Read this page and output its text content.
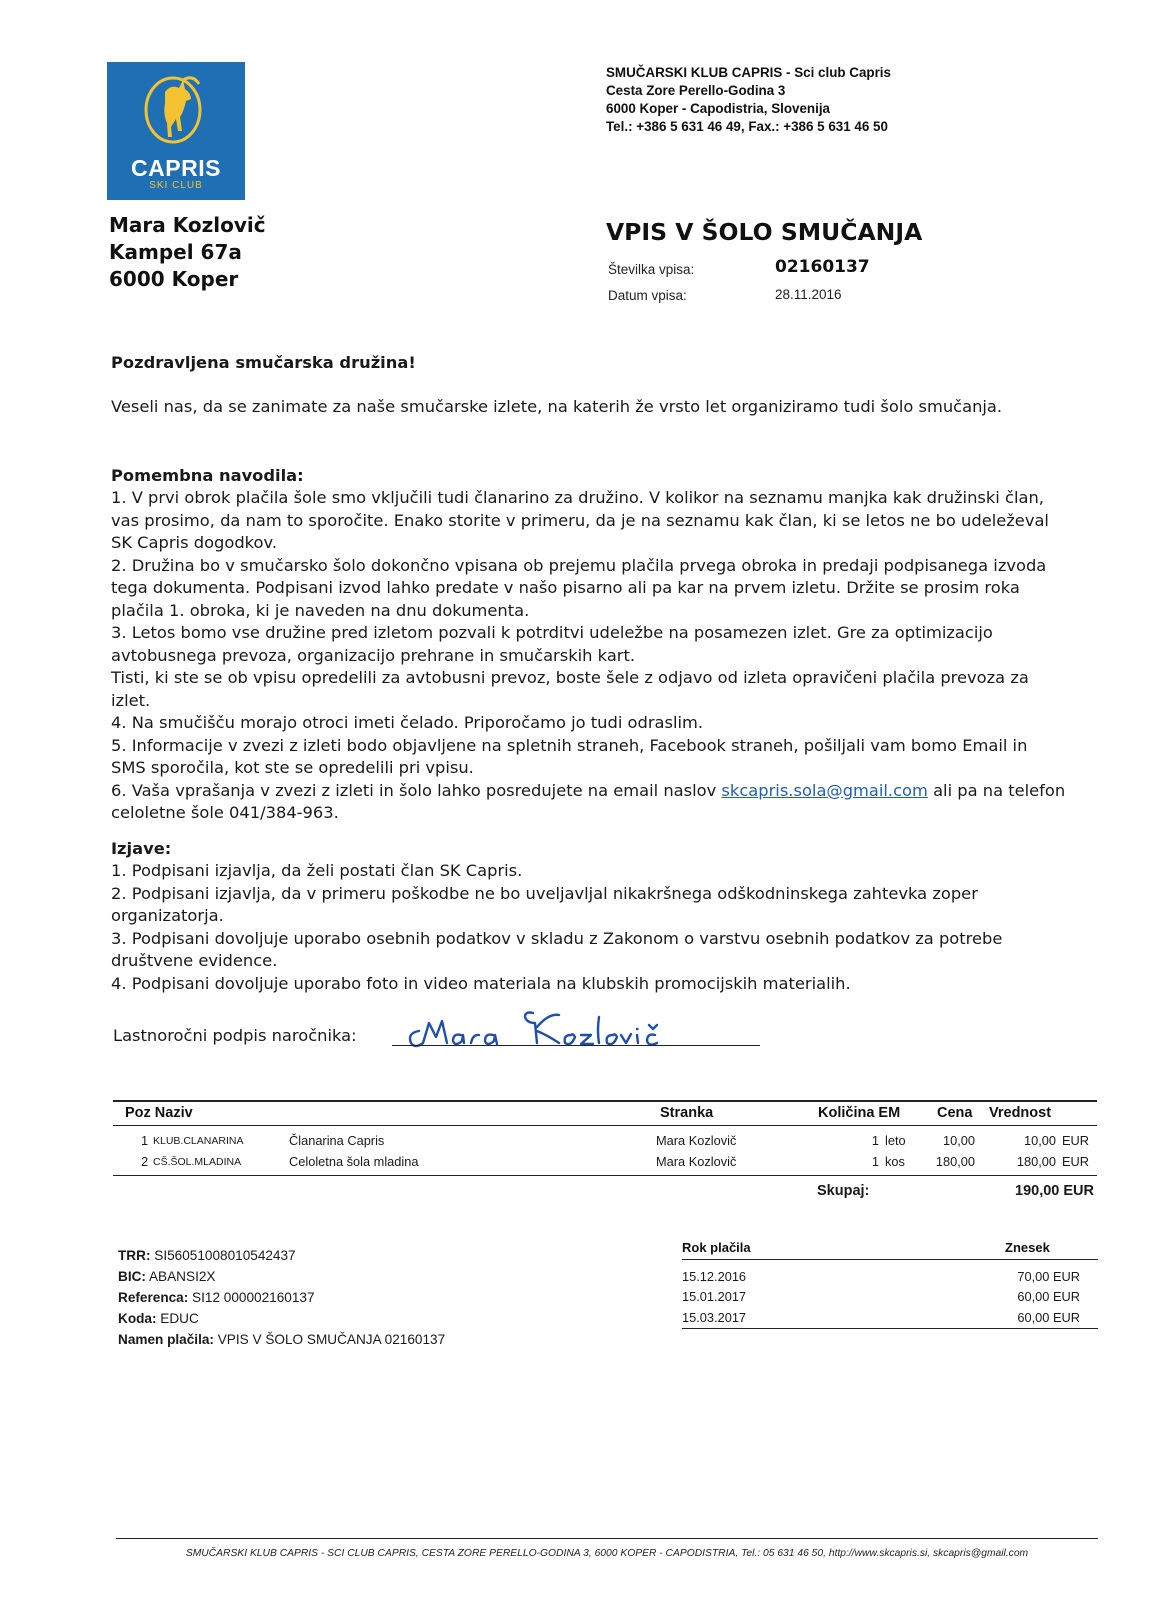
CAPRIS
SKI CLUB
SMUČARSKI KLUB CAPRIS - Sci club Capris
Cesta Zore Perello-Godina 3
6000 Koper - Capodistria, Slovenija
Tel.: +386 5 631 46 49, Fax.: +386 5 631 46 50
Mara Kozlovič
Kampel 67a
6000 Koper
VPIS V ŠOLO SMUČANJA
Številka vpisa:	02160137
Datum vpisa:	28.11.2016
Pozdravljena smučarska družina!
Veseli nas, da se zanimate za naše smučarske izlete, na katerih že vrsto let organiziramo tudi šolo smučanja.
Pomembna navodila:
1. V prvi obrok plačila šole smo vključili tudi članarino za družino. V kolikor na seznamu manjka kak družinski član, vas prosimo, da nam to sporočite. Enako storite v primeru, da je na seznamu kak član, ki se letos ne bo udeleževal SK Capris dogodkov.
2. Družina bo v smučarsko šolo dokončno vpisana ob prejemu plačila prvega obroka in predaji podpisanega izvoda tega dokumenta. Podpisani izvod lahko predate v našo pisarno ali pa kar na prvem izletu. Držite se prosim roka plačila 1. obroka, ki je naveden na dnu dokumenta.
3. Letos bomo vse družine pred izletom pozvali k potrditvi udeležbe na posamezen izlet. Gre za optimizacijo avtobusnega prevoza, organizacijo prehrane in smučarskih kart.
Tisti, ki ste se ob vpisu opredelili za avtobusni prevoz, boste šele z odjavo od izleta opravičeni plačila prevoza za izlet.
4. Na smučišču morajo otroci imeti čelado. Priporočamo jo tudi odraslim.
5. Informacije v zvezi z izleti bodo objavljene na spletnih straneh, Facebook straneh, pošiljali vam bomo Email in SMS sporočila, kot ste se opredelili pri vpisu.
6. Vaša vprašanja v zvezi z izleti in šolo lahko posredujete na email naslov skcapris.sola@gmail.com ali pa na telefon celoletne šole 041/384-963.
Izjave:
1. Podpisani izjavlja, da želi postati član SK Capris.
2. Podpisani izjavlja, da v primeru poškodbe ne bo uveljavljal nikakršnega odškodninskega zahtevka zoper organizatorja.
3. Podpisani dovoljuje uporabo osebnih podatkov v skladu z Zakonom o varstvu osebnih podatkov za potrebe društvene evidence.
4. Podpisani dovoljuje uporabo foto in video materiala na klubskih promocijskih materialih.
Lastnoročni podpis naročnika:
Poz Naziv	Stranka	Količina EM	Cena Vrednost
1 KLUB.CLANARINA	Članarina Capris	Mara Kozlovič	1 leto	10,00	10,00 EUR
2 CŠ.ŠOL.MLADINA	Celoletna šola mladina	Mara Kozlovič	1 kos	180,00	180,00 EUR
Skupaj:	190,00 EUR
TRR: SI56051008010542437
BIC: ABANSI2X
Referenca: SI12 000002160137
Koda: EDUC
Namen plačila: VPIS V ŠOLO SMUČANJA 02160137
Rok plačila	Znesek
15.12.2016	70,00 EUR
15.01.2017	60,00 EUR
15.03.2017	60,00 EUR
SMUČARSKI KLUB CAPRIS - SCI CLUB CAPRIS, CESTA ZORE PERELLO-GODINA 3, 6000 KOPER - CAPODISTRIA, Tel.: 05 631 46 50, http://www.skcapris.si, skcapris@gmail.com
